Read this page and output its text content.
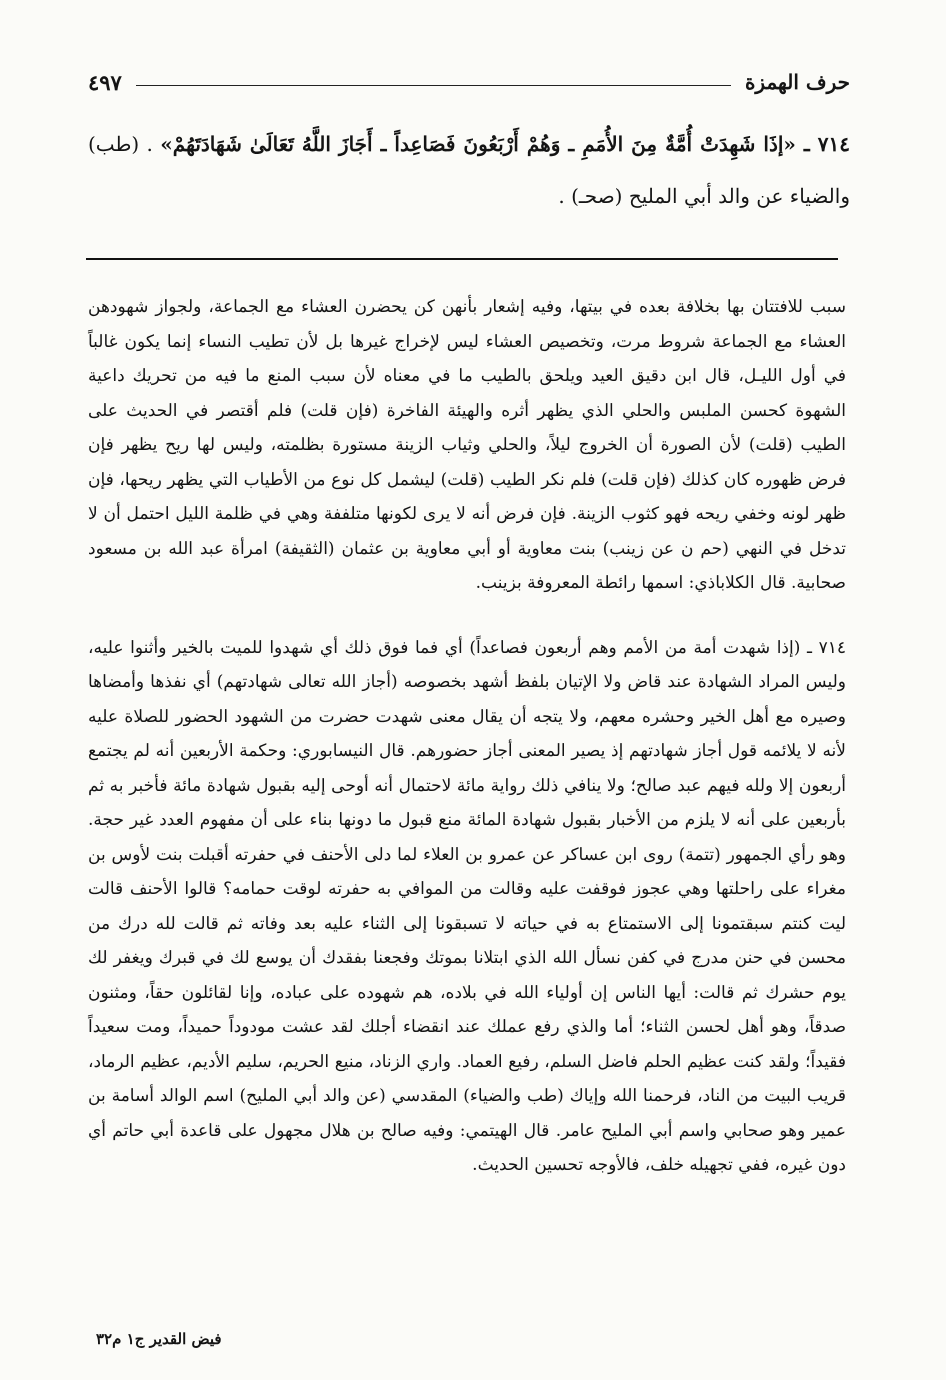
حرف الهمزة
٤٩٧
٧١٤ ـ «إذَا شَهِدَتْ أُمَّةٌ مِنَ الأُمَمِ ـ وَهُمْ أَرْبَعُونَ فَصَاعِداً ـ أَجَازَ اللَّهُ تَعَالَىٰ شَهَادَتَهُمْ» . (طب) والضياء عن والد أبي المليح (صحـ) .

سبب للافتتان بها بخلافة بعده في بيتها، وفيه إشعار بأنهن كن يحضرن العشاء مع الجماعة، ولجواز شهودهن العشاء مع الجماعة شروط مرت، وتخصيص العشاء ليس لإخراج غيرها بل لأن تطيب النساء إنما يكون غالباً في أول الليـل، قال ابن دقيق العيد ويلحق بالطيب ما في معناه لأن سبب المنع ما فيه من تحريك داعية الشهوة كحسن الملبس والحلي الذي يظهر أثره والهيئة الفاخرة (فإن قلت) فلم أقتصر في الحديث على الطيب (قلت) لأن الصورة أن الخروج ليلاً، والحلي وثياب الزينة مستورة بظلمته، وليس لها ريح يظهر فإن فرض ظهوره كان كذلك (فإن قلت) فلم نكر الطيب (قلت) ليشمل كل نوع من الأطياب التي يظهر ريحها، فإن ظهر لونه وخفي ريحه فهو كثوب الزينة. فإن فرض أنه لا يرى لكونها متلففة وهي في ظلمة الليل احتمل أن لا تدخل في النهي (حم ن عن زينب) بنت معاوية أو أبي معاوية بن عثمان (الثقيفة) امرأة عبد الله بن مسعود صحابية. قال الكلاباذي: اسمها رائطة المعروفة بزينب.

٧١٤ ـ (إذا شهدت أمة من الأمم وهم أربعون فصاعداً) أي فما فوق ذلك أي شهدوا للميت بالخير وأثنوا عليه، وليس المراد الشهادة عند قاض ولا الإتيان بلفظ أشهد بخصوصه (أجاز الله تعالى شهادتهم) أي نفذها وأمضاها وصيره مع أهل الخير وحشره معهم، ولا يتجه أن يقال معنى شهدت حضرت من الشهود الحضور للصلاة عليه لأنه لا يلائمه قول أجاز شهادتهم إذ يصير المعنى أجاز حضورهم. قال النيسابوري: وحكمة الأربعين أنه لم يجتمع أربعون إلا ولله فيهم عبد صالح؛ ولا ينافي ذلك رواية مائة لاحتمال أنه أوحى إليه بقبول شهادة مائة فأخبر به ثم بأربعين على أنه لا يلزم من الأخبار بقبول شهادة المائة منع قبول ما دونها بناء على أن مفهوم العدد غير حجة. وهو رأي الجمهور (تتمة) روى ابن عساكر عن عمرو بن العلاء لما دلى الأحنف في حفرته أقبلت بنت لأوس بن مغراء على راحلتها وهي عجوز فوقفت عليه وقالت من الموافي به حفرته لوقت حمامه؟ قالوا الأحنف قالت ليت كنتم سبقتمونا إلى الاستمتاع به في حياته لا تسبقونا إلى الثناء عليه بعد وفاته ثم قالت لله درك من محسن في حنن مدرج في كفن نسأل الله الذي ابتلانا بموتك وفجعنا بفقدك أن يوسع لك في قبرك ويغفر لك يوم حشرك ثم قالت: أيها الناس إن أولياء الله في بلاده، هم شهوده على عباده، وإنا لقائلون حقاً، ومثنون صدقاً، وهو أهل لحسن الثناء؛ أما والذي رفع عملك عند انقضاء أجلك لقد عشت مودوداً حميداً، ومت سعيداً فقيداً؛ ولقد كنت عظيم الحلم فاضل السلم، رفيع العماد. واري الزناد، منيع الحريم، سليم الأديم، عظيم الرماد، قريب البيت من الناد، فرحمنا الله وإياك (طب والضياء) المقدسي (عن والد أبي المليح) اسم الوالد أسامة بن عمير وهو صحابي واسم أبي المليح عامر. قال الهيتمي: وفيه صالح بن هلال مجهول على قاعدة أبي حاتم أي دون غيره، ففي تجهيله خلف، فالأوجه تحسين الحديث.

فيض القدير ج١ م٣٢
